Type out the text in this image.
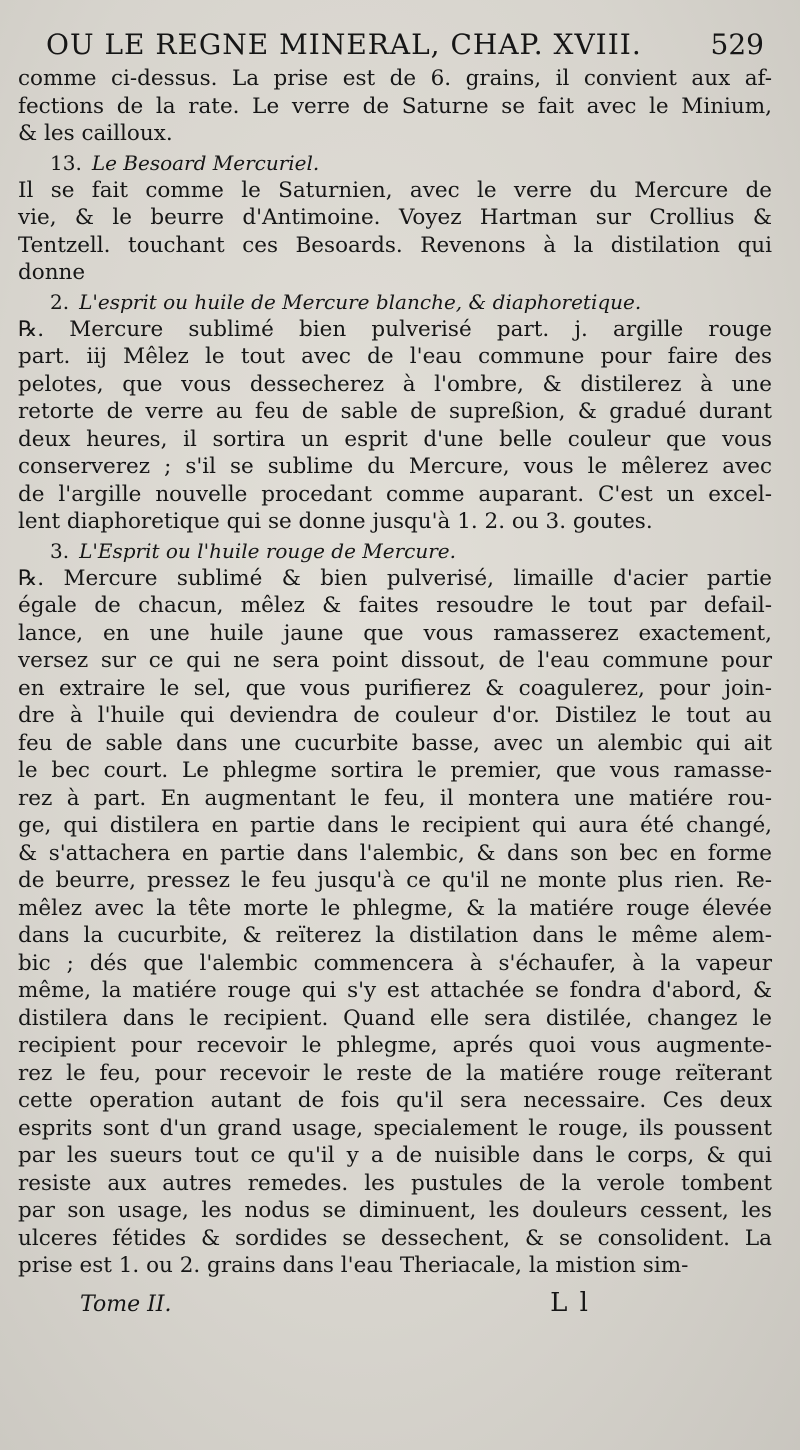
OU LE REGNE MINERAL, CHAP. XVIII. 529

comme ci-dessus. La prise est de 6. grains, il convient aux af-

fections de la rate. Le verre de Saturne se fait avec le Minium,

& les cailloux.

13. Le Besoard Mercuriel.

Il se fait comme le Saturnien, avec le verre du Mercure de

vie, & le beurre d'Antimoine. Voyez Hartman sur Crollius &

Tentzell. touchant ces Besoards. Revenons à la distilation qui

donne

2. L'esprit ou huile de Mercure blanche, & diaphoretique.

℞. Mercure sublimé bien pulverisé part. j. argille rouge

part. iij Mêlez le tout avec de l'eau commune pour faire des

pelotes, que vous dessecherez à l'ombre, & distilerez à une

retorte de verre au feu de sable de supreßion, & gradué durant

deux heures, il sortira un esprit d'une belle couleur que vous

conserverez ; s'il se sublime du Mercure, vous le mêlerez avec

de l'argille nouvelle procedant comme auparant. C'est un excel-

lent diaphoretique qui se donne jusqu'à 1. 2. ou 3. goutes.

3. L'Esprit ou l'huile rouge de Mercure.

℞. Mercure sublimé & bien pulverisé, limaille d'acier partie

égale de chacun, mêlez & faites resoudre le tout par defail-

lance, en une huile jaune que vous ramasserez exactement,

versez sur ce qui ne sera point dissout, de l'eau commune pour

en extraire le sel, que vous purifierez & coagulerez, pour join-

dre à l'huile qui deviendra de couleur d'or. Distilez le tout au

feu de sable dans une cucurbite basse, avec un alembic qui ait

le bec court. Le phlegme sortira le premier, que vous ramasse-

rez à part. En augmentant le feu, il montera une matiére rou-

ge, qui distilera en partie dans le recipient qui aura été changé,

& s'attachera en partie dans l'alembic, & dans son bec en forme

de beurre, pressez le feu jusqu'à ce qu'il ne monte plus rien. Re-

mêlez avec la tête morte le phlegme, & la matiére rouge élevée

dans la cucurbite, & reïterez la distilation dans le même alem-

bic ; dés que l'alembic commencera à s'échaufer, à la vapeur

même, la matiére rouge qui s'y est attachée se fondra d'abord, &

distilera dans le recipient. Quand elle sera distilée, changez le

recipient pour recevoir le phlegme, aprés quoi vous augmente-

rez le feu, pour recevoir le reste de la matiére rouge reïterant

cette operation autant de fois qu'il sera necessaire. Ces deux

esprits sont d'un grand usage, specialement le rouge, ils poussent

par les sueurs tout ce qu'il y a de nuisible dans le corps, & qui

resiste aux autres remedes. les pustules de la verole tombent

par son usage, les nodus se diminuent, les douleurs cessent, les

ulceres fétides & sordides se dessechent, & se consolident. La

prise est 1. ou 2. grains dans l'eau Theriacale, la mistion sim-

Tome II.	L l
